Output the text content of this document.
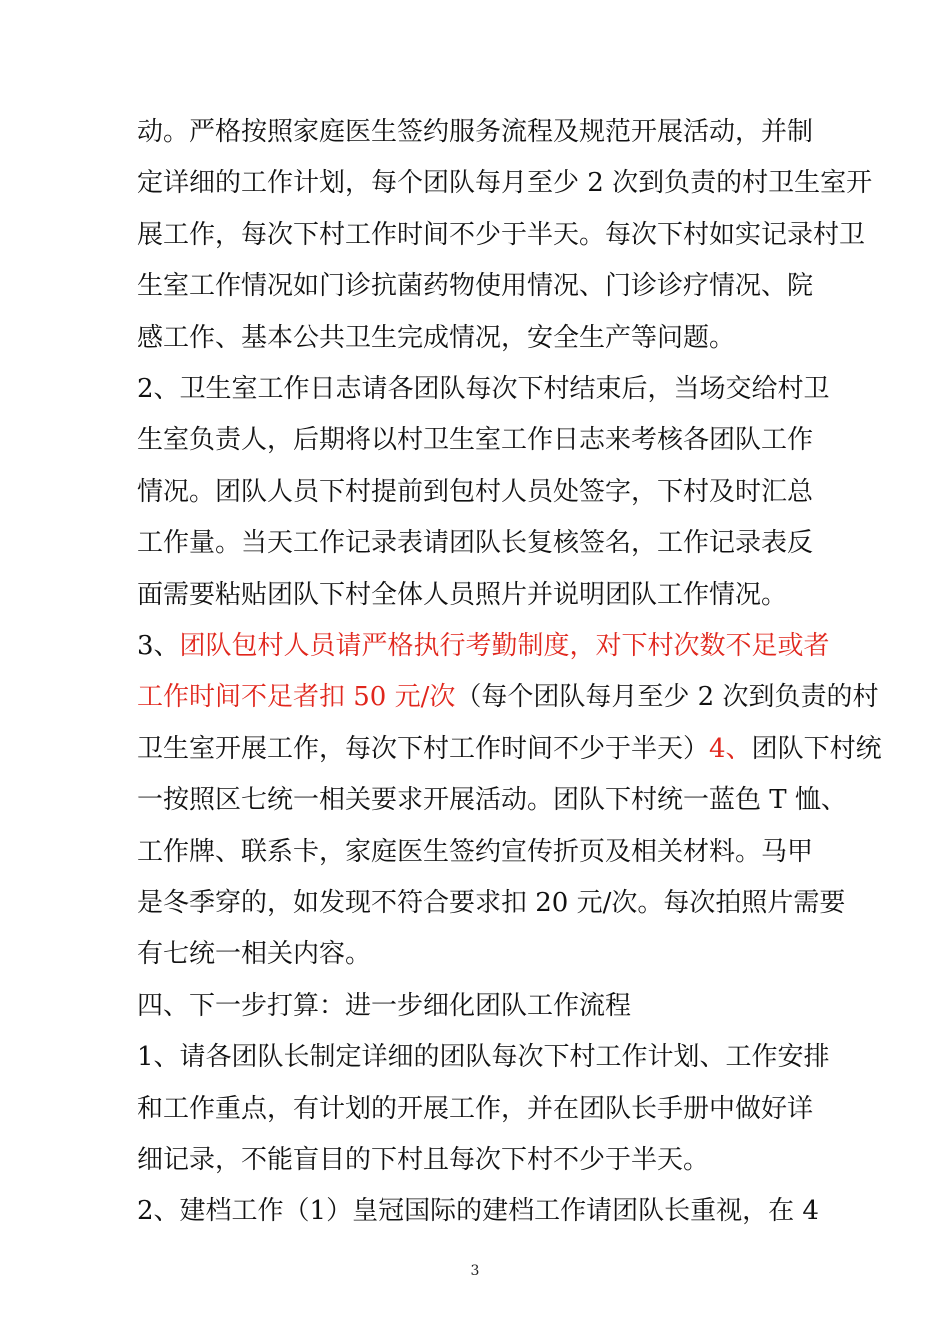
动。严格按照家庭医生签约服务流程及规范开展活动，并制
定详细的工作计划，每个团队每月至少 2 次到负责的村卫生室开
展工作，每次下村工作时间不少于半天。每次下村如实记录村卫
生室工作情况如门诊抗菌药物使用情况、门诊诊疗情况、院
感工作、基本公共卫生完成情况，安全生产等问题。
2、卫生室工作日志请各团队每次下村结束后，当场交给村卫
生室负责人，后期将以村卫生室工作日志来考核各团队工作
情况。团队人员下村提前到包村人员处签字，下村及时汇总
工作量。当天工作记录表请团队长复核签名，工作记录表反
面需要粘贴团队下村全体人员照片并说明团队工作情况。
3、团队包村人员请严格执行考勤制度，对下村次数不足或者
工作时间不足者扣 50 元/次（每个团队每月至少 2 次到负责的村
卫生室开展工作，每次下村工作时间不少于半天）4、团队下村统
一按照区七统一相关要求开展活动。团队下村统一蓝色 T 恤、
工作牌、联系卡，家庭医生签约宣传折页及相关材料。马甲
是冬季穿的，如发现不符合要求扣 20 元/次。每次拍照片需要
有七统一相关内容。
四、下一步打算：进一步细化团队工作流程
1、请各团队长制定详细的团队每次下村工作计划、工作安排
和工作重点，有计划的开展工作，并在团队长手册中做好详
细记录，不能盲目的下村且每次下村不少于半天。
2、建档工作（1）皇冠国际的建档工作请团队长重视，在 4
3
